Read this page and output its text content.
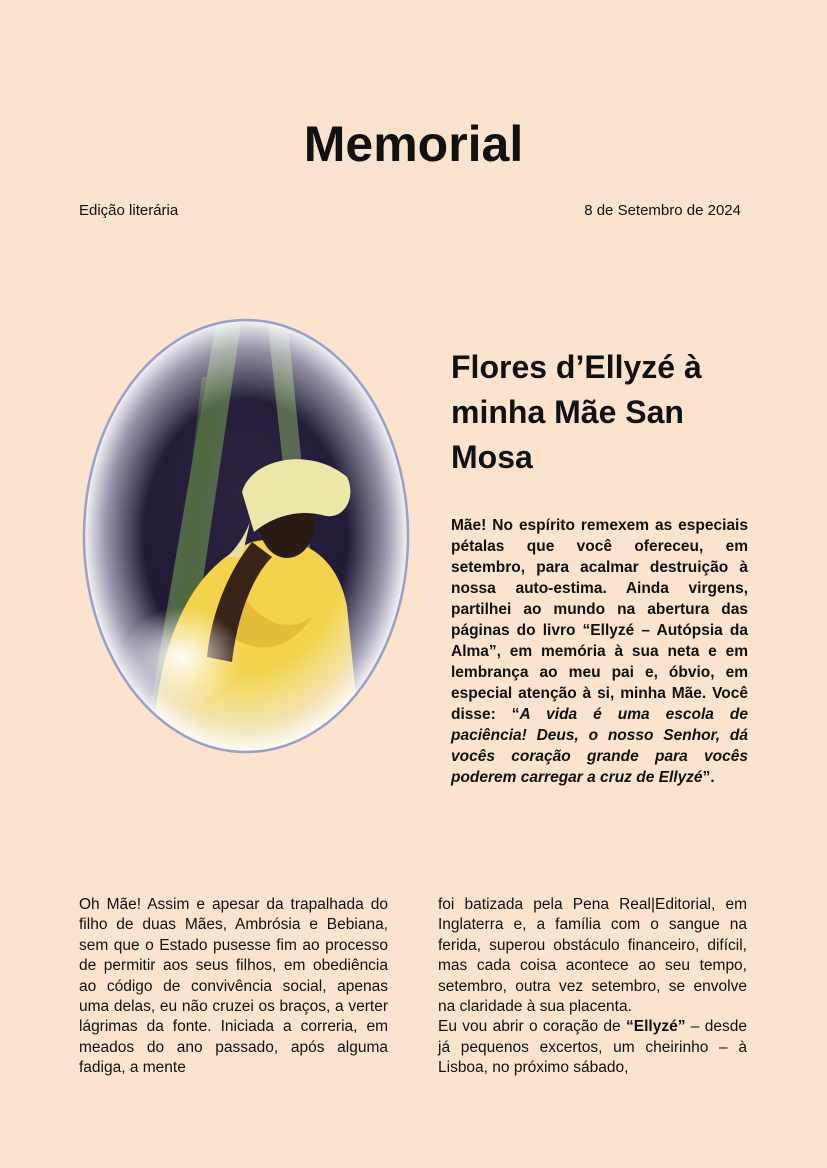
Memorial
Edição literária	8 de Setembro de 2024
Flores d’Ellyzé à minha Mãe San Mosa
Mãe! No espírito remexem as especiais pétalas que você ofereceu, em setembro, para acalmar destruição à nossa auto-estima. Ainda virgens, partilhei ao mundo na abertura das páginas do livro “Ellyzé – Autópsia da Alma”, em memória à sua neta e em lembrança ao meu pai e, óbvio, em especial atenção à si, minha Mãe. Você disse: “A vida é uma escola de paciência! Deus, o nosso Senhor, dá vocês coração grande para vocês poderem carregar a cruz de Ellyzé”.
Oh Mãe! Assim e apesar da trapalhada do filho de duas Mães, Ambrósia e Bebiana, sem que o Estado pusesse fim ao processo de permitir aos seus filhos, em obediência ao código de convivência social, apenas uma delas, eu não cruzei os braços, a verter lágrimas da fonte. Iniciada a correria, em meados do ano passado, após alguma fadiga, a mente
foi batizada pela Pena Real|Editorial, em Inglaterra e, a família com o sangue na ferida, superou obstáculo financeiro, difícil, mas cada coisa acontece ao seu tempo, setembro, outra vez setembro, se envolve na claridade à sua placenta.
Eu vou abrir o coração de “Ellyzé” – desde já pequenos excertos, um cheirinho – à Lisboa, no próximo sábado,
